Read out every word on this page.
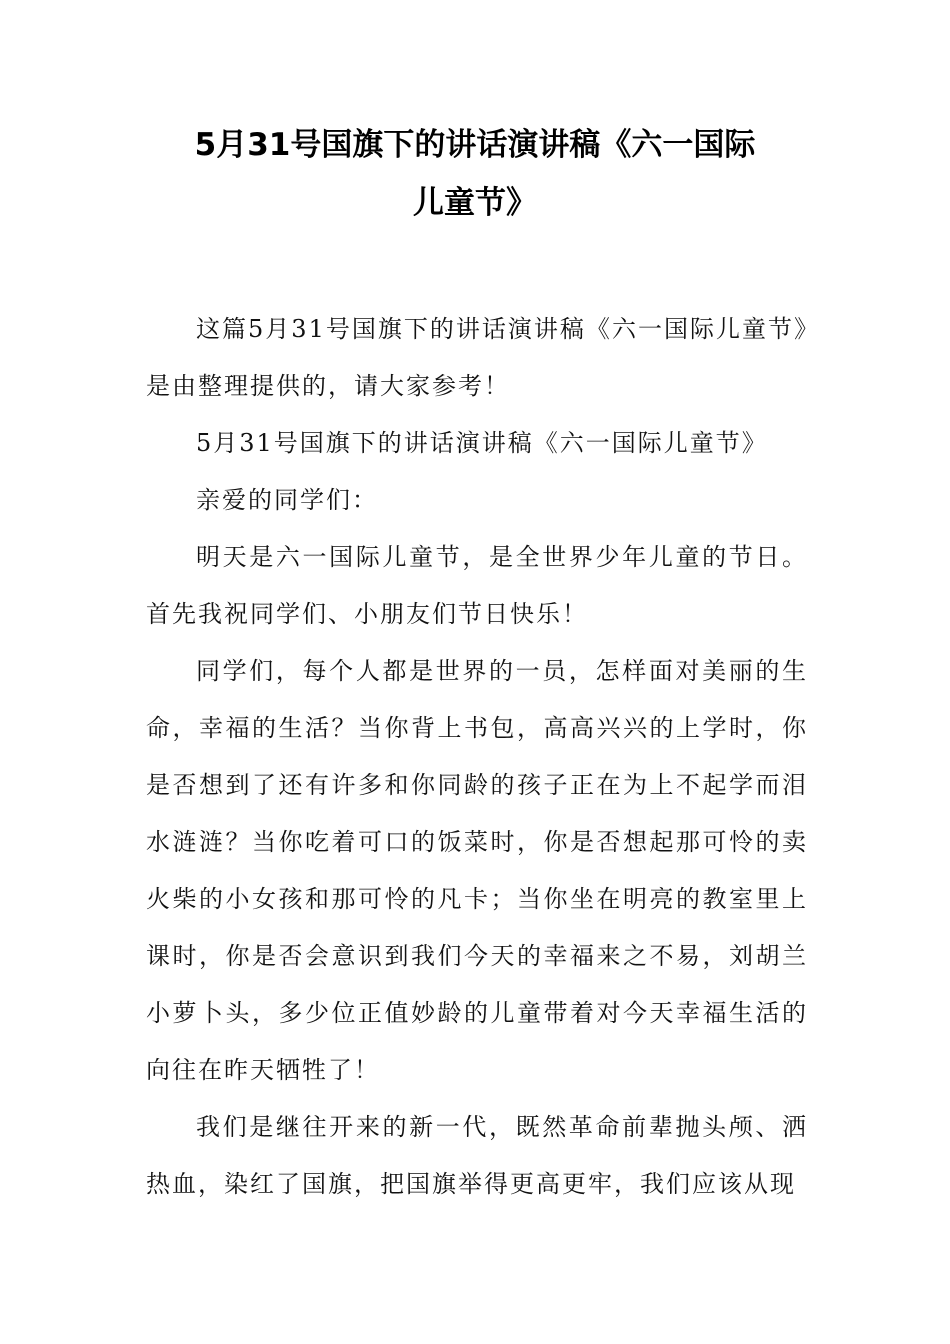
5月31号国旗下的讲话演讲稿《六一国际
儿童节》

这篇5月31号国旗下的讲话演讲稿《六一国际儿童节》是由整理提供的，请大家参考！

5月31号国旗下的讲话演讲稿《六一国际儿童节》

亲爱的同学们：

明天是六一国际儿童节，是全世界少年儿童的节日。首先我祝同学们、小朋友们节日快乐！

同学们，每个人都是世界的一员，怎样面对美丽的生命，幸福的生活？当你背上书包，高高兴兴的上学时，你是否想到了还有许多和你同龄的孩子正在为上不起学而泪水涟涟？当你吃着可口的饭菜时，你是否想起那可怜的卖火柴的小女孩和那可怜的凡卡；当你坐在明亮的教室里上课时，你是否会意识到我们今天的幸福来之不易，刘胡兰小萝卜头，多少位正值妙龄的儿童带着对今天幸福生活的向往在昨天牺牲了！

我们是继往开来的新一代，既然革命前辈抛头颅、洒热血，染红了国旗，把国旗举得更高更牢，我们应该从现
